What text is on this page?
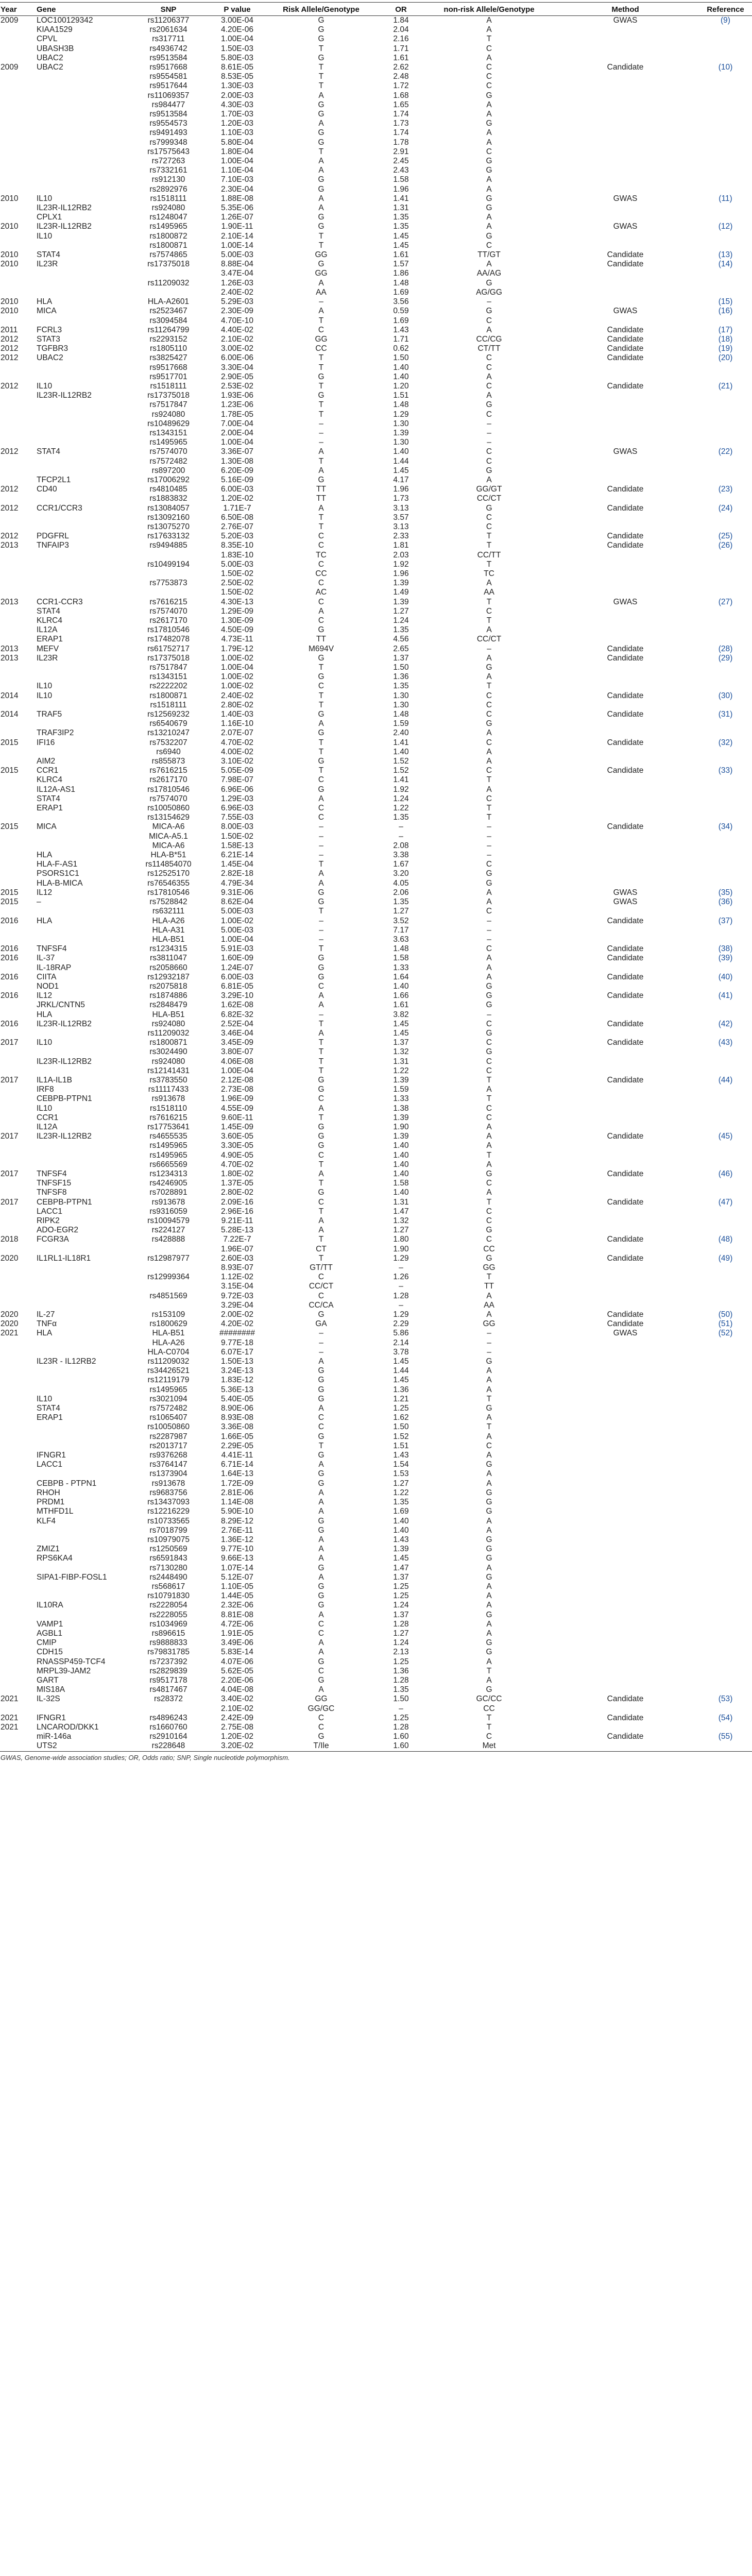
Year	Gene	SNP	P value	Risk Allele/Genotype	OR	non-risk Allele/Genotype	Method	Reference
2009	LOC100129342	rs11206377	3.00E-04	G	1.84	A	GWAS	(9)
	KIAA1529	rs2061634	4.20E-06	G	2.04	A		
	CPVL	rs317711	1.00E-04	G	2.16	T		
	UBASH3B	rs4936742	1.50E-03	T	1.71	C		
	UBAC2	rs9513584	5.80E-03	G	1.61	A		
2009	UBAC2	rs9517668	8.61E-05	T	2.62	C	Candidate	(10)
		rs9554581	8.53E-05	T	2.48	C		
		rs9517644	1.30E-03	T	1.72	C		
		rs11069357	2.00E-03	A	1.68	G		
		rs984477	4.30E-03	G	1.65	A		
		rs9513584	1.70E-03	G	1.74	A		
		rs9554573	1.20E-03	A	1.73	G		
		rs9491493	1.10E-03	G	1.74	A		
		rs7999348	5.80E-04	G	1.78	A		
		rs17575643	1.80E-04	T	2.91	C		
		rs727263	1.00E-04	A	2.45	G		
		rs7332161	1.10E-04	A	2.43	G		
		rs912130	7.10E-03	G	1.58	A		
		rs2892976	2.30E-04	G	1.96	A		
2010	IL10	rs1518111	1.88E-08	A	1.41	G	GWAS	(11)
	IL23R-IL12RB2	rs924080	5.35E-06	A	1.31	G		
	CPLX1	rs1248047	1.26E-07	G	1.35	A		
2010	IL23R-IL12RB2	rs1495965	1.90E-11	G	1.35	A	GWAS	(12)
	IL10	rs1800872	2.10E-14	T	1.45	G		
		rs1800871	1.00E-14	T	1.45	C		
2010	STAT4	rs7574865	5.00E-03	GG	1.61	TT/GT	Candidate	(13)
2010	IL23R	rs17375018	8.88E-04	G	1.57	A	Candidate	(14)
			3.47E-04	GG	1.86	AA/AG		
		rs11209032	1.26E-03	A	1.48	G		
			2.40E-02	AA	1.69	AG/GG		
2010	HLA	HLA-A2601	5.29E-03	–	3.56	–		(15)
2010	MICA	rs2523467	2.30E-09	A	0.59	G	GWAS	(16)
		rs3094584	4.70E-10	T	1.69	C		
2011	FCRL3	rs11264799	4.40E-02	C	1.43	A	Candidate	(17)
2012	STAT3	rs2293152	2.10E-02	GG	1.71	CC/CG	Candidate	(18)
2012	TGFBR3	rs1805110	3.00E-02	CC	0.62	CT/TT	Candidate	(19)
2012	UBAC2	rs3825427	6.00E-06	T	1.50	C	Candidate	(20)
		rs9517668	3.30E-04	T	1.40	C		
		rs9517701	2.90E-05	G	1.40	A		
2012	IL10	rs1518111	2.53E-02	T	1.20	C	Candidate	(21)
	IL23R-IL12RB2	rs17375018	1.93E-06	G	1.51	A		
		rs7517847	1.23E-06	T	1.48	G		
		rs924080	1.78E-05	T	1.29	C		
		rs10489629	7.00E-04	–	1.30	–		
		rs1343151	2.00E-04	–	1.39	–		
		rs1495965	1.00E-04	–	1.30	–		
2012	STAT4	rs7574070	3.36E-07	A	1.40	C	GWAS	(22)
		rs7572482	1.30E-08	T	1.44	C		
		rs897200	6.20E-09	A	1.45	G		
	TFCP2L1	rs17006292	5.16E-09	G	4.17	A		
2012	CD40	rs4810485	6.00E-03	TT	1.96	GG/GT	Candidate	(23)
		rs1883832	1.20E-02	TT	1.73	CC/CT		
2012	CCR1/CCR3	rs13084057	1.71E-7	A	3.13	G	Candidate	(24)
		rs13092160	6.50E-08	T	3.57	C		
		rs13075270	2.76E-07	T	3.13	C		
2012	PDGFRL	rs17633132	5.20E-03	C	2.33	T	Candidate	(25)
2013	TNFAIP3	rs9494885	8.35E-10	C	1.81	T	Candidate	(26)
			1.83E-10	TC	2.03	CC/TT		
		rs10499194	5.00E-03	C	1.92	T		
			1.50E-02	CC	1.96	TC		
		rs7753873	2.50E-02	C	1.39	A		
			1.50E-02	AC	1.49	AA		
2013	CCR1-CCR3	rs7616215	4.30E-13	C	1.39	T	GWAS	(27)
	STAT4	rs7574070	1.29E-09	A	1.27	C		
	KLRC4	rs2617170	1.30E-09	C	1.24	T		
	IL12A	rs17810546	4.50E-09	G	1.35	A		
	ERAP1	rs17482078	4.73E-11	TT	4.56	CC/CT		
2013	MEFV	rs61752717	1.79E-12	M694V	2.65	–	Candidate	(28)
2013	IL23R	rs17375018	1.00E-02	G	1.37	A	Candidate	(29)
		rs7517847	1.00E-04	T	1.50	G		
		rs1343151	1.00E-02	G	1.36	A		
	IL10	rs2222202	1.00E-02	C	1.35	T		
2014	IL10	rs1800871	2.40E-02	T	1.30	C	Candidate	(30)
		rs1518111	2.80E-02	T	1.30	C		
2014	TRAF5	rs12569232	1.40E-03	G	1.48	C	Candidate	(31)
		rs6540679	1.16E-10	A	1.59	G		
	TRAF3IP2	rs13210247	2.07E-07	G	2.40	A		
2015	IFI16	rs7532207	4.70E-02	T	1.41	C	Candidate	(32)
		rs6940	4.00E-02	T	1.40	A		
	AIM2	rs855873	3.10E-02	G	1.52	A		
2015	CCR1	rs7616215	5.05E-09	T	1.52	C	Candidate	(33)
	KLRC4	rs2617170	7.98E-07	C	1.41	T		
	IL12A-AS1	rs17810546	6.96E-06	G	1.92	A		
	STAT4	rs7574070	1.29E-03	A	1.24	C		
	ERAP1	rs10050860	6.96E-03	C	1.22	T		
		rs13154629	7.55E-03	C	1.35	T		
2015	MICA	MICA-A6	8.00E-03	–	–	–	Candidate	(34)
		MICA-A5.1	1.50E-02	–	–	–		
		MICA-A6	1.58E-13	–	2.08	–		
	HLA	HLA-B*51	6.21E-14	–	3.38	–		
	HLA-F-AS1	rs114854070	1.45E-04	T	1.67	C		
	PSORS1C1	rs12525170	2.82E-18	A	3.20	G		
	HLA-B-MICA	rs76546355	4.79E-34	A	4.05	G		
2015	IL12	rs17810546	9.31E-06	G	2.06	A	GWAS	(35)
2015	–	rs7528842	8.62E-04	G	1.35	A	GWAS	(36)
		rs632111	5.00E-03	T	1.27	C		
2016	HLA	HLA-A26	1.00E-02	–	3.52	–	Candidate	(37)
		HLA-A31	5.00E-03	–	7.17	–		
		HLA-B51	1.00E-04	–	3.63	–		
2016	TNFSF4	rs1234315	5.91E-03	T	1.48	C	Candidate	(38)
2016	IL-37	rs3811047	1.60E-09	G	1.58	A	Candidate	(39)
	IL-18RAP	rs2058660	1.24E-07	G	1.33	A		
2016	CIITA	rs12932187	6.00E-03	G	1.64	A	Candidate	(40)
	NOD1	rs2075818	6.81E-05	C	1.40	G		
2016	IL12	rs1874886	3.29E-10	A	1.66	G	Candidate	(41)
	JRKL/CNTN5	rs2848479	1.62E-08	A	1.61	G		
	HLA	HLA-B51	6.82E-32	–	3.82	–		
2016	IL23R-IL12RB2	rs924080	2.52E-04	T	1.45	C	Candidate	(42)
		rs11209032	3.46E-04	A	1.45	G		
2017	IL10	rs1800871	3.45E-09	T	1.37	C	Candidate	(43)
		rs3024490	3.80E-07	T	1.32	G		
	IL23R-IL12RB2	rs924080	4.06E-08	T	1.31	C		
		rs12141431	1.00E-04	T	1.22	C		
2017	IL1A-IL1B	rs3783550	2.12E-08	G	1.39	T	Candidate	(44)
	IRF8	rs11117433	2.73E-08	G	1.59	A		
	CEBPB-PTPN1	rs913678	1.96E-09	C	1.33	T		
	IL10	rs1518110	4.55E-09	A	1.38	C		
	CCR1	rs7616215	9.60E-11	T	1.39	C		
	IL12A	rs17753641	1.45E-09	G	1.90	A		
2017	IL23R-IL12RB2	rs4655535	3.60E-05	G	1.39	A	Candidate	(45)
		rs1495965	3.30E-05	G	1.40	A		
		rs1495965	4.90E-05	C	1.40	T		
		rs6665569	4.70E-02	T	1.40	A		
2017	TNFSF4	rs1234313	1.80E-02	A	1.40	G	Candidate	(46)
	TNFSF15	rs4246905	1.37E-05	T	1.58	C		
	TNFSF8	rs7028891	2.80E-02	G	1.40	A		
2017	CEBPB-PTPN1	rs913678	2.09E-16	C	1.31	T	Candidate	(47)
	LACC1	rs9316059	2.96E-16	T	1.47	C		
	RIPK2	rs10094579	9.21E-11	A	1.32	C		
	ADO-EGR2	rs224127	5.28E-13	A	1.27	G		
2018	FCGR3A	rs428888	7.22E-7	T	1.80	C	Candidate	(48)
			1.96E-07	CT	1.90	CC		
2020	IL1RL1-IL18R1	rs12987977	2.60E-03	T	1.29	G	Candidate	(49)
			8.93E-07	GT/TT	–	GG		
		rs12999364	1.12E-02	C	1.26	T		
			3.15E-04	CC/CT	–	TT		
		rs4851569	9.72E-03	C	1.28	A		
			3.29E-04	CC/CA	–	AA		
2020	IL-27	rs153109	2.00E-02	G	1.29	A	Candidate	(50)
2020	TNFα	rs1800629	4.20E-02	GA	2.29	GG	Candidate	(51)
2021	HLA	HLA-B51	########	–	5.86	–	GWAS	(52)
		HLA-A26	9.77E-18	–	2.14	–		
		HLA-C0704	6.07E-17	–	3.78	–		
	IL23R - IL12RB2	rs11209032	1.50E-13	A	1.45	G		
		rs34426521	3.24E-13	G	1.44	A		
		rs12119179	1.83E-12	G	1.45	A		
		rs1495965	5.36E-13	G	1.36	A		
	IL10	rs3021094	5.40E-05	G	1.21	T		
	STAT4	rs7572482	8.90E-06	A	1.25	G		
	ERAP1	rs1065407	8.93E-08	C	1.62	A		
		rs10050860	3.36E-08	C	1.50	T		
		rs2287987	1.66E-05	G	1.52	A		
		rs2013717	2.29E-05	T	1.51	C		
	IFNGR1	rs9376268	4.41E-11	G	1.43	A		
	LACC1	rs3764147	6.71E-14	A	1.54	G		
		rs1373904	1.64E-13	G	1.53	A		
	CEBPB - PTPN1	rs913678	1.72E-09	G	1.27	A		
	RHOH	rs9683756	2.81E-06	A	1.22	G		
	PRDM1	rs13437093	1.14E-08	A	1.35	G		
	MTHFD1L	rs12216229	5.90E-10	A	1.69	G		
	KLF4	rs10733565	8.29E-12	G	1.40	A		
		rs7018799	2.76E-11	G	1.40	A		
		rs10979075	1.36E-12	A	1.43	G		
	ZMIZ1	rs1250569	9.77E-10	A	1.39	G		
	RPS6KA4	rs6591843	9.66E-13	A	1.45	G		
		rs7130280	1.07E-14	G	1.47	A		
	SIPA1-FIBP-FOSL1	rs2448490	5.12E-07	A	1.37	G		
		rs568617	1.10E-05	G	1.25	A		
		rs10791830	1.44E-05	G	1.25	A		
	IL10RA	rs2228054	2.32E-06	G	1.24	A		
		rs2228055	8.81E-08	A	1.37	G		
	VAMP1	rs1034969	4.72E-06	C	1.28	A		
	AGBL1	rs896615	1.91E-05	C	1.27	A		
	CMIP	rs9888833	3.49E-06	A	1.24	G		
	CDH15	rs79831785	5.83E-14	A	2.13	G		
	RNASSP459-TCF4	rs7237392	4.07E-06	G	1.25	A		
	MRPL39-JAM2	rs2829839	5.62E-05	C	1.36	T		
	GART	rs9517178	2.20E-06	G	1.28	A		
	MIS18A	rs4817467	4.04E-08	A	1.35	G		
2021	IL-32S	rs28372	3.40E-02	GG	1.50	GC/CC	Candidate	(53)
			2.10E-02	GG/GC	–	CC		
2021	IFNGR1	rs4896243	2.42E-09	C	1.25	T	Candidate	(54)
2021	LNCAROD/DKK1	rs1660760	2.75E-08	C	1.28	T		
	miR-146a	rs2910164	1.20E-02	G	1.60	C	Candidate	(55)
	UTS2	rs228648	3.20E-02	T/Ile	1.60	Met		
GWAS, Genome-wide association studies; OR, Odds ratio; SNP, Single nucleotide polymorphism.
